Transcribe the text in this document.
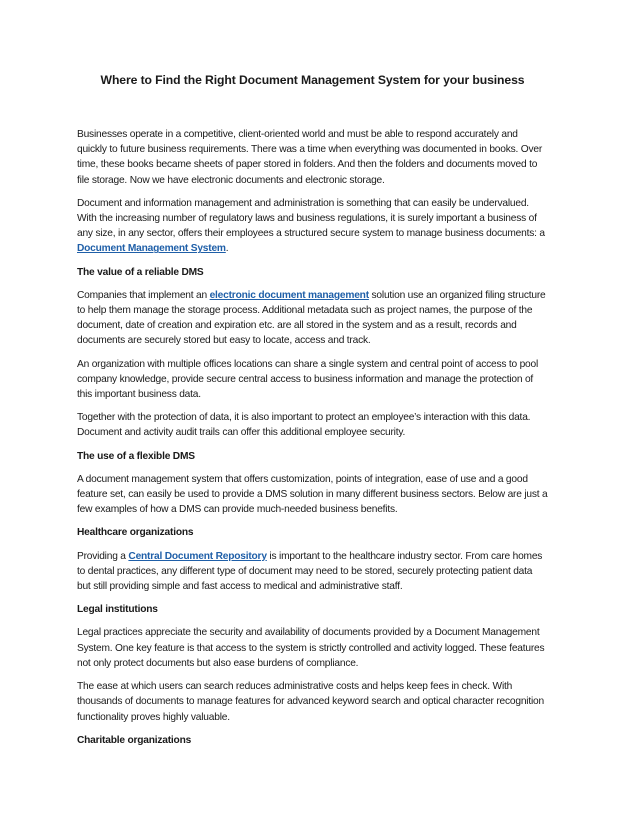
Where to Find the Right Document Management System for your business

Businesses operate in a competitive, client-oriented world and must be able to respond accurately and quickly to future business requirements. There was a time when everything was documented in books. Over time, these books became sheets of paper stored in folders. And then the folders and documents moved to file storage. Now we have electronic documents and electronic storage.

Document and information management and administration is something that can easily be undervalued. With the increasing number of regulatory laws and business regulations, it is surely important a business of any size, in any sector, offers their employees a structured secure system to manage business documents: a Document Management System.

The value of a reliable DMS

Companies that implement an electronic document management solution use an organized filing structure to help them manage the storage process. Additional metadata such as project names, the purpose of the document, date of creation and expiration etc. are all stored in the system and as a result, records and documents are securely stored but easy to locate, access and track.

An organization with multiple offices locations can share a single system and central point of access to pool company knowledge, provide secure central access to business information and manage the protection of this important business data.

Together with the protection of data, it is also important to protect an employee’s interaction with this data. Document and activity audit trails can offer this additional employee security.

The use of a flexible DMS

A document management system that offers customization, points of integration, ease of use and a good feature set, can easily be used to provide a DMS solution in many different business sectors. Below are just a few examples of how a DMS can provide much-needed business benefits.

Healthcare organizations

Providing a Central Document Repository is important to the healthcare industry sector. From care homes to dental practices, any different type of document may need to be stored, securely protecting patient data but still providing simple and fast access to medical and administrative staff.

Legal institutions

Legal practices appreciate the security and availability of documents provided by a Document Management System. One key feature is that access to the system is strictly controlled and activity logged. These features not only protect documents but also ease burdens of compliance.

The ease at which users can search reduces administrative costs and helps keep fees in check. With thousands of documents to manage features for advanced keyword search and optical character recognition functionality proves highly valuable.

Charitable organizations
